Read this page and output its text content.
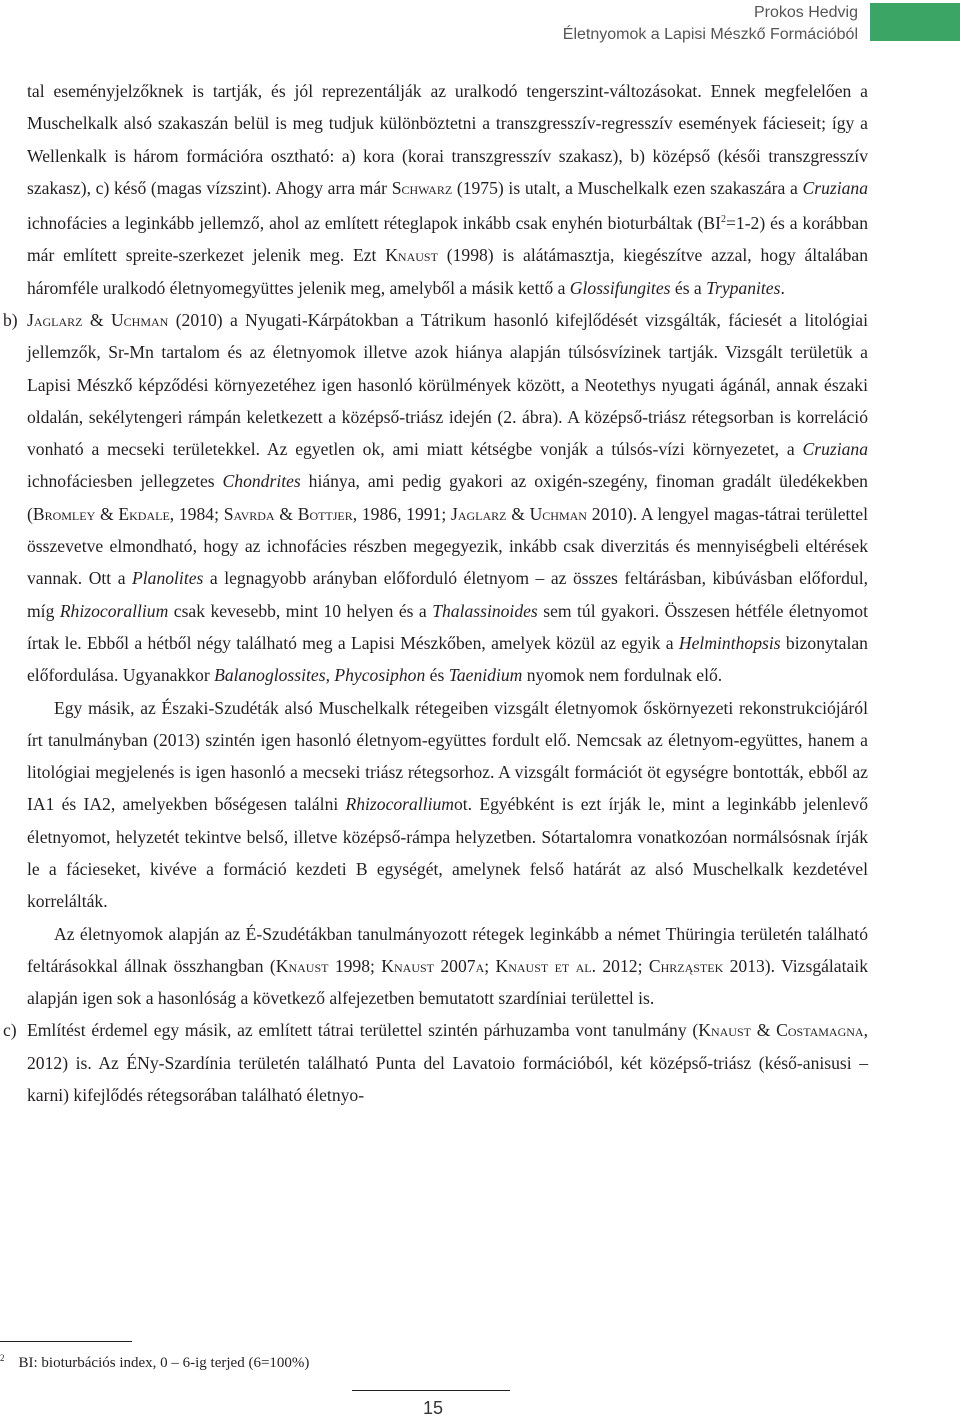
Prokos Hedvig
Életnyomok a Lapisi Mészkő Formációból

tal eseményjelzőknek is tartják, és jól reprezentálják az uralkodó tengerszint-változásokat. Ennek megfelelően a Muschelkalk alsó szakaszán belül is meg tudjuk különböztetni a transzgresszív-regresszív események fácieseit; így a Wellenkalk is három formációra osztható: a) kora (korai transzgresszív szakasz), b) középső (késői transzgresszív szakasz), c) késő (magas vízszint). Ahogy arra már Schwarz (1975) is utalt, a Muschelkalk ezen szakaszára a Cruziana ichnofácies a leginkább jellemző, ahol az említett réteglapok inkább csak enyhén bioturbáltak $(BI^2=1-2)$ és a korábban már említett spreite-szerkezet jelenik meg. Ezt Knaust (1998) is alátámasztja, kiegészítve azzal, hogy általában háromféle uralkodó életnyomegyüttes jelenik meg, amelyből a másik kettő a Glossifungites és a Trypanites.

b) Jaglarz & Uchman (2010) a Nyugati-Kárpátokban a Tátrikum hasonló kifejlődését vizsgálták, fáciesét a litológiai jellemzők, Sr-Mn tartalom és az életnyomok illetve azok hiánya alapján túlsósvízinek tartják. Vizsgált területük a Lapisi Mészkő képződési környezetéhez igen hasonló körülmények között, a Neotethys nyugati ágánál, annak északi oldalán, sekélytengeri rámpán keletkezett a középső-triász idején (2. ábra). A középső-triász rétegsorban is korreláció vonható a mecseki területekkel. Az egyetlen ok, ami miatt kétségbe vonják a túlsós-vízi környezetet, a Cruziana ichnofáciesben jellegzetes Chondrites hiánya, ami pedig gyakori az oxigén-szegény, finoman gradált üledékekben (Bromley & Ekdale, 1984; Savrda & Bottjer, 1986, 1991; Jaglarz & Uchman 2010). A lengyel magas-tátrai területtel összevetve elmondható, hogy az ichnofácies részben megegyezik, inkább csak diverzitás és mennyiségbeli eltérések vannak. Ott a Planolites a legnagyobb arányban előforduló életnyom – az összes feltárásban, kibúvásban előfordul, míg Rhizocorallium csak kevesebb, mint 10 helyen és a Thalassinoides sem túl gyakori. Összesen hétféle életnyomot írtak le. Ebből a hétből négy található meg a Lapisi Mészkőben, amelyek közül az egyik a Helminthopsis bizonytalan előfordulása. Ugyanakkor Balanoglossites, Phycosiphon és Taenidium nyomok nem fordulnak elő.

Egy másik, az Északi-Szudéták alsó Muschelkalk rétegeiben vizsgált életnyomok őskörnyezeti rekonstrukciójáról írt tanulmányban (2013) szintén igen hasonló életnyom-együttes fordult elő. Nemcsak az életnyom-együttes, hanem a litológiai megjelenés is igen hasonló a mecseki triász rétegsorhoz. A vizsgált formációt öt egységre bontották, ebből az IA1 és IA2, amelyekben bőségesen találni Rhizocoralliumot. Egyébként is ezt írják le, mint a leginkább jelenlevő életnyomot, helyzetét tekintve belső, illetve középső-rámpa helyzetben. Sótartalomra vonatkozóan normálsósnak írják le a fácieseket, kivéve a formáció kezdeti B egységét, amelynek felső határát az alsó Muschelkalk kezdetével korrelálták.

Az életnyomok alapján az É-Szudétákban tanulmányozott rétegek leginkább a német Thüringia területén található feltárásokkal állnak összhangban (Knaust 1998; Knaust 2007a; Knaust et al. 2012; Chrząstek 2013). Vizsgálataik alapján igen sok a hasonlóság a következő alfejezetben bemutatott szardíniai területtel is.

c) Említést érdemel egy másik, az említett tátrai területtel szintén párhuzamba vont tanulmány (Knaust & Costamagna, 2012) is. Az ÉNy-Szardínia területén található Punta del Lavatoio formációból, két középső-triász (késő-anisusi – karni) kifejlődés rétegsorában található életnyo-

$^2$ BI: bioturbációs index, 0 – 6-ig terjed (6=100%)
15
